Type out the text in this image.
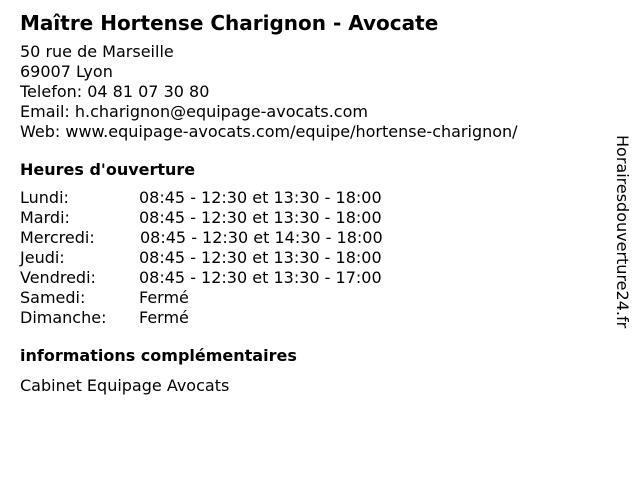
Maître Hortense Charignon - Avocate
50 rue de Marseille
69007 Lyon
Telefon: 04 81 07 30 80
Email: h.charignon@equipage-avocats.com
Web: www.equipage-avocats.com/equipe/hortense-charignon/
Heures d'ouverture
Lundi:	08:45 - 12:30 et 13:30 - 18:00
Mardi:	08:45 - 12:30 et 13:30 - 18:00
Mercredi:	08:45 - 12:30 et 14:30 - 18:00
Jeudi:	08:45 - 12:30 et 13:30 - 18:00
Vendredi:	08:45 - 12:30 et 13:30 - 17:00
Samedi:	Fermé
Dimanche:	Fermé
informations complémentaires
Cabinet Equipage Avocats
Horairesdouverture24.fr
